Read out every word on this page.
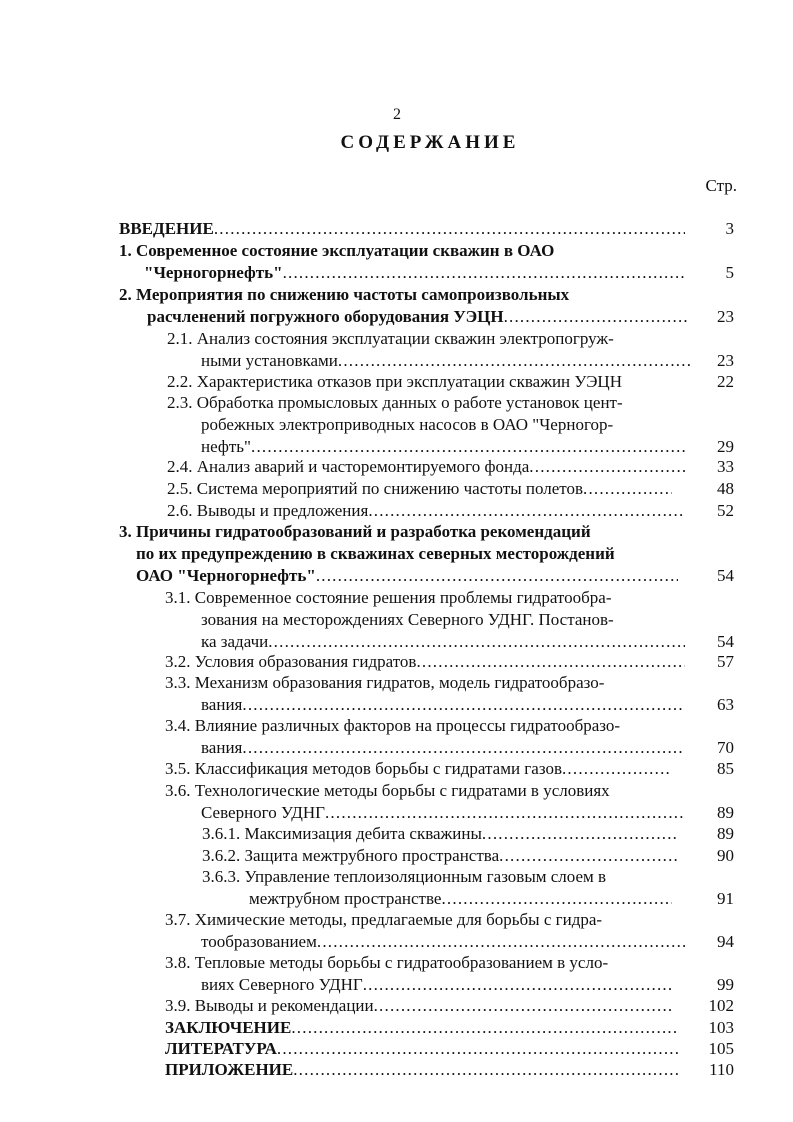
2
СОДЕРЖАНИЕ
Стр.
ВВЕДЕНИЕ .....	3
1. Современное состояние эксплуатации скважин в ОАО
"Черногорнефть" .....	5
2. Мероприятия по снижению частоты самопроизвольных
расчленений погружного оборудования УЭЦН .....	23
2.1. Анализ состояния эксплуатации скважин электропогруж-
ными установками .....	23
2.2. Характеристика отказов при эксплуатации скважин УЭЦН	22
2.3. Обработка промысловых данных о работе установок цент-
робежных электроприводных насосов в ОАО "Черногор-
нефть" .....	29
2.4. Анализ аварий и часторемонтируемого фонда .....	33
2.5. Система мероприятий по снижению частоты полетов .....	48
2.6. Выводы и предложения .....	52
3. Причины гидратообразований и разработка рекомендаций
по их предупреждению в скважинах северных месторождений
ОАО "Черногорнефть" .....	54
3.1. Современное состояние решения проблемы гидратообра-
зования на месторождениях Северного УДНГ. Постанов-
ка задачи .....	54
3.2. Условия образования гидратов .....	57
3.3. Механизм образования гидратов, модель гидратообразо-
вания .....	63
3.4. Влияние различных факторов на процессы гидратообразо-
вания .....	70
3.5. Классификация методов борьбы с гидратами газов .....	85
3.6. Технологические методы борьбы с гидратами в условиях
Северного УДНГ .....	89
3.6.1. Максимизация дебита скважины .....	89
3.6.2. Защита межтрубного пространства .....	90
3.6.3. Управление теплоизоляционным газовым слоем в
межтрубном пространстве .....	91
3.7. Химические методы, предлагаемые для борьбы с гидра-
тообразованием .....	94
3.8. Тепловые методы борьбы с гидратообразованием в усло-
виях Северного УДНГ .....	99
3.9. Выводы и рекомендации .....	102
ЗАКЛЮЧЕНИЕ .....	103
ЛИТЕРАТУРА .....	105
ПРИЛОЖЕНИЕ .....	110
